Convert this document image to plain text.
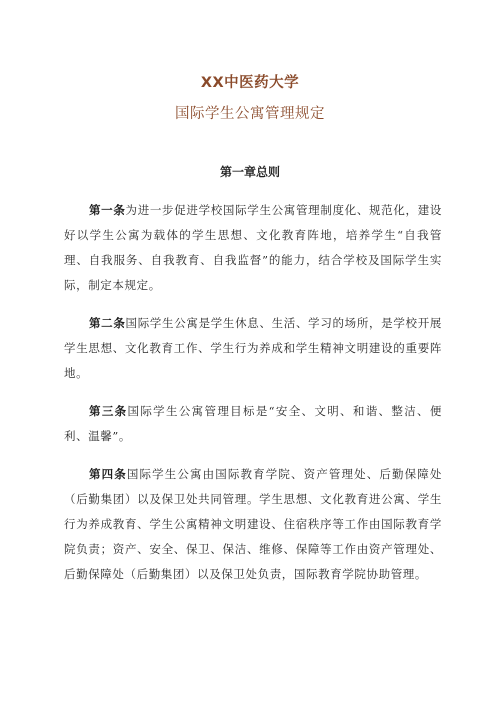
XX中医药大学
国际学生公寓管理规定
第一章总则

第一条为进一步促进学校国际学生公寓管理制度化、规范化，建设好以学生公寓为载体的学生思想、文化教育阵地，培养学生“自我管理、自我服务、自我教育、自我监督”的能力，结合学校及国际学生实际，制定本规定。

第二条国际学生公寓是学生休息、生活、学习的场所，是学校开展学生思想、文化教育工作、学生行为养成和学生精神文明建设的重要阵地。

第三条国际学生公寓管理目标是“安全、文明、和谐、整洁、便利、温馨”。

第四条国际学生公寓由国际教育学院、资产管理处、后勤保障处（后勤集团）以及保卫处共同管理。学生思想、文化教育进公寓、学生行为养成教育、学生公寓精神文明建设、住宿秩序等工作由国际教育学院负责；资产、安全、保卫、保洁、维修、保障等工作由资产管理处、后勤保障处（后勤集团）以及保卫处负责，国际教育学院协助管理。
